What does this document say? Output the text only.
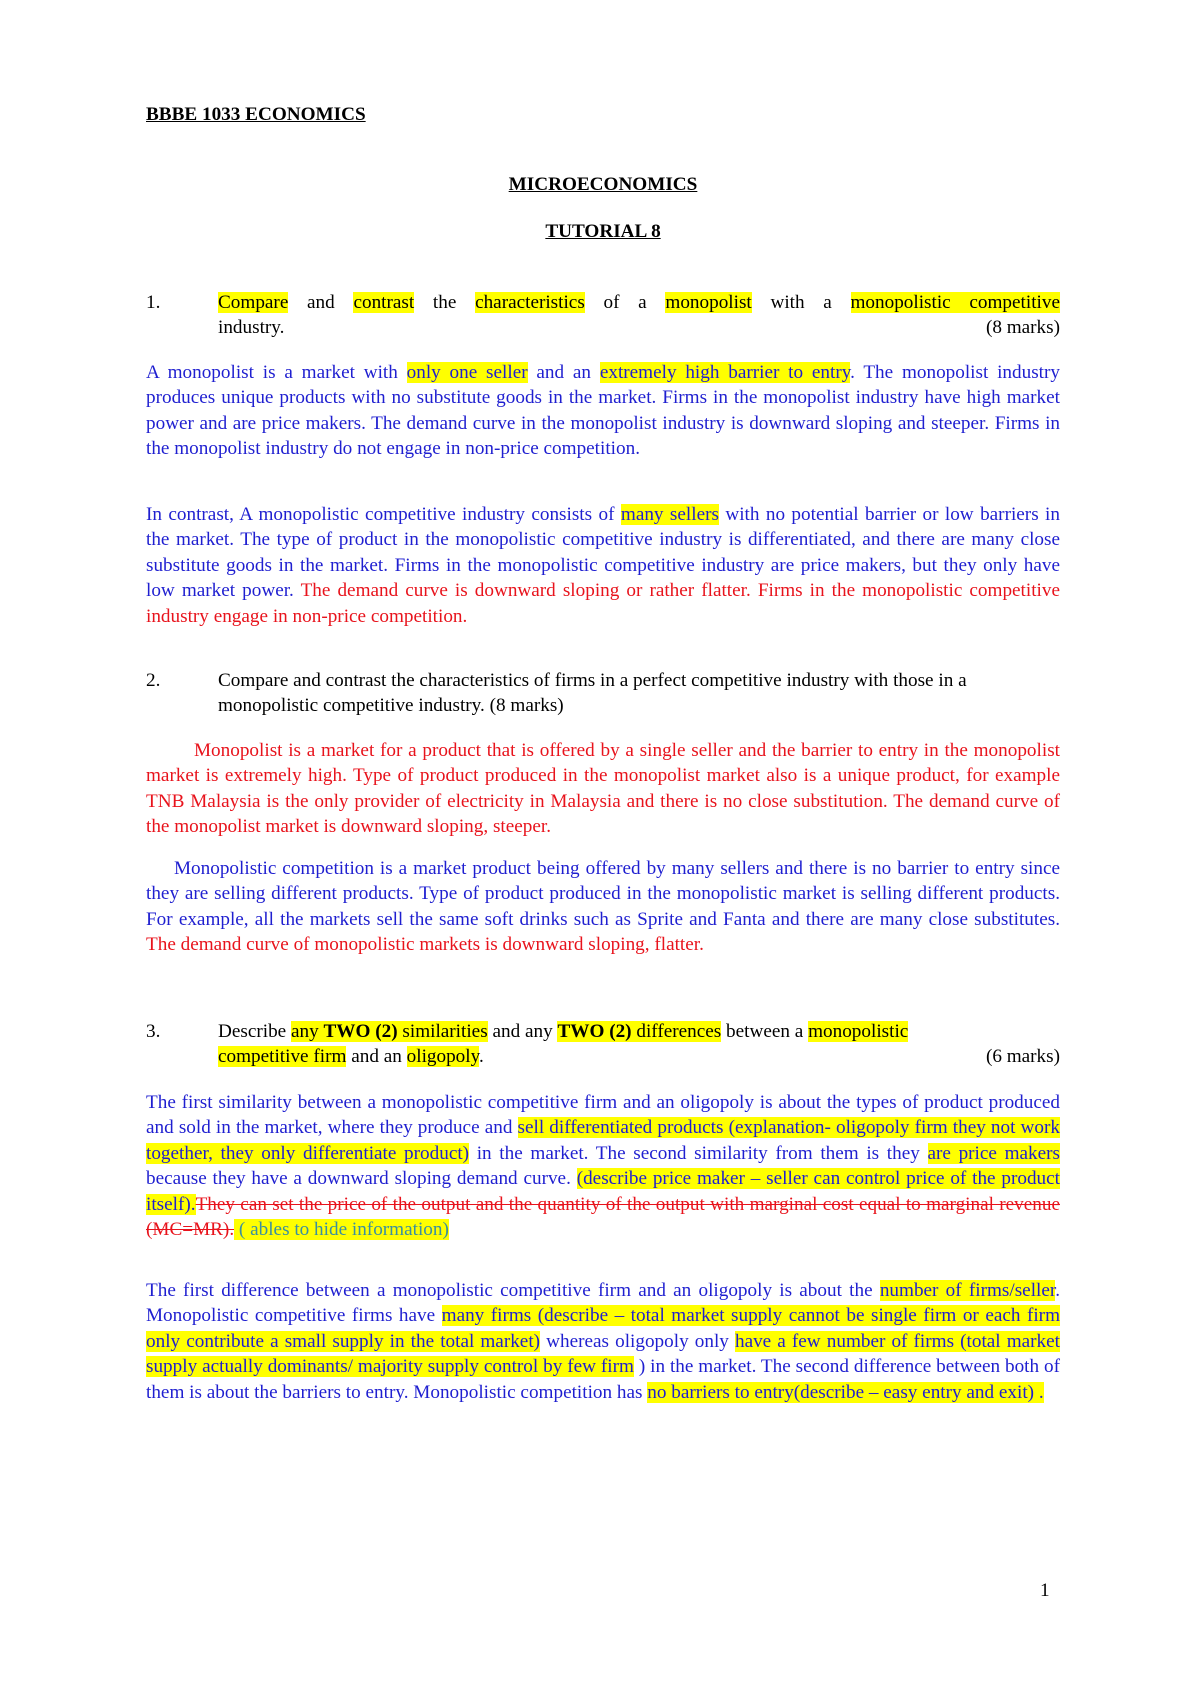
BBBE 1033 ECONOMICS
MICROECONOMICS
TUTORIAL 8
1.	Compare and contrast the characteristics of a monopolist with a monopolistic competitive
industry.	(8 marks)
A monopolist is a market with only one seller and an extremely high barrier to entry. The monopolist industry produces unique products with no substitute goods in the market. Firms in the monopolist industry have high market power and are price makers. The demand curve in the monopolist industry is downward sloping and steeper. Firms in the monopolist industry do not engage in non-price competition.
In contrast, A monopolistic competitive industry consists of many sellers with no potential barrier or low barriers in the market. The type of product in the monopolistic competitive industry is differentiated, and there are many close substitute goods in the market. Firms in the monopolistic competitive industry are price makers, but they only have low market power. The demand curve is downward sloping or rather flatter. Firms in the monopolistic competitive industry engage in non-price competition.
2.	Compare and contrast the characteristics of firms in a perfect competitive industry with those in a monopolistic competitive industry. (8 marks)
Monopolist is a market for a product that is offered by a single seller and the barrier to entry in the monopolist market is extremely high. Type of product produced in the monopolist market also is a unique product, for example TNB Malaysia is the only provider of electricity in Malaysia and there is no close substitution. The demand curve of the monopolist market is downward sloping, steeper.
Monopolistic competition is a market product being offered by many sellers and there is no barrier to entry since they are selling different products. Type of product produced in the monopolistic market is selling different products. For example, all the markets sell the same soft drinks such as Sprite and Fanta and there are many close substitutes. The demand curve of monopolistic markets is downward sloping, flatter.
3.	Describe any TWO (2) similarities and any TWO (2) differences between a monopolistic
competitive firm and an oligopoly.	(6 marks)
The first similarity between a monopolistic competitive firm and an oligopoly is about the types of product produced and sold in the market, where they produce and sell differentiated products (explanation- oligopoly firm they not work together, they only differentiate product) in the market. The second similarity from them is they are price makers because they have a downward sloping demand curve. (describe price maker – seller can control price of the product itself).They can set the price of the output and the quantity of the output with marginal cost equal to marginal revenue (MC=MR). ( ables to hide information)
The first difference between a monopolistic competitive firm and an oligopoly is about the number of firms/seller. Monopolistic competitive firms have many firms (describe – total market supply cannot be single firm or each firm only contribute a small supply in the total market) whereas oligopoly only have a few number of firms (total market supply actually dominants/ majority supply control by few firm ) in the market. The second difference between both of them is about the barriers to entry. Monopolistic competition has no barriers to entry(describe – easy entry and exit) .
1
